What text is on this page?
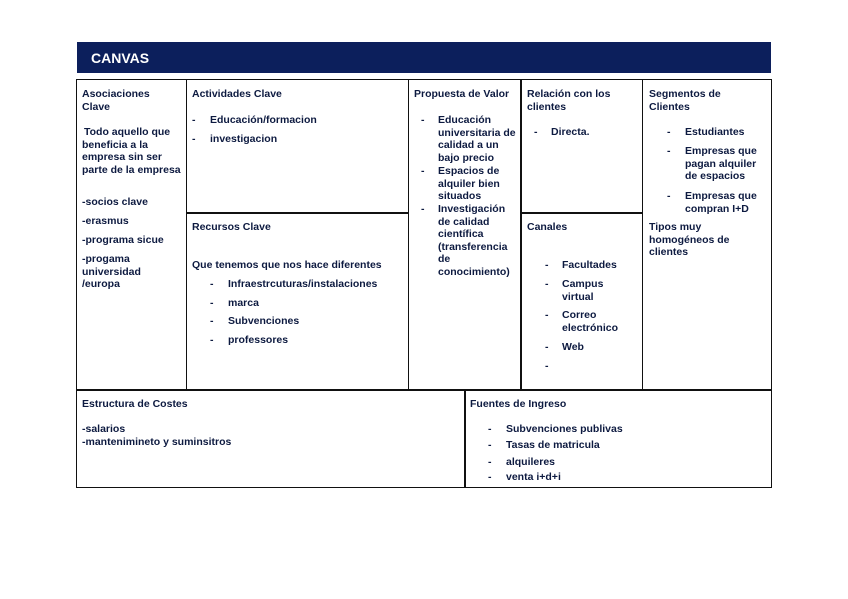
CANVAS
Asociaciones Clave
Todo aquello que beneficia a la empresa sin ser parte de la empresa
-socios clave
-erasmus
-programa sicue
-progama universidad /europa
Actividades Clave
- Educación/formacion
- investigacion
Recursos Clave
Que tenemos que nos hace diferentes
- Infraestrcuturas/instalaciones
- marca
- Subvenciones
- professores
Propuesta de Valor
- Educación universitaria de calidad a un bajo precio
- Espacios de alquiler bien situados
- Investigación de calidad científica (transferencia de conocimiento)
Relación con los clientes
- Directa.
Canales
- Facultades
- Campus virtual
- Correo electrónico
- Web
-
Segmentos de Clientes
- Estudiantes
- Empresas que pagan alquiler de espacios
- Empresas que compran I+D
Tipos muy homogéneos de clientes
Estructura de Costes
-salarios
-mantenimineto y suminsitros
Fuentes de Ingreso
- Subvenciones publivas
- Tasas de matricula
- alquileres
- venta i+d+i
